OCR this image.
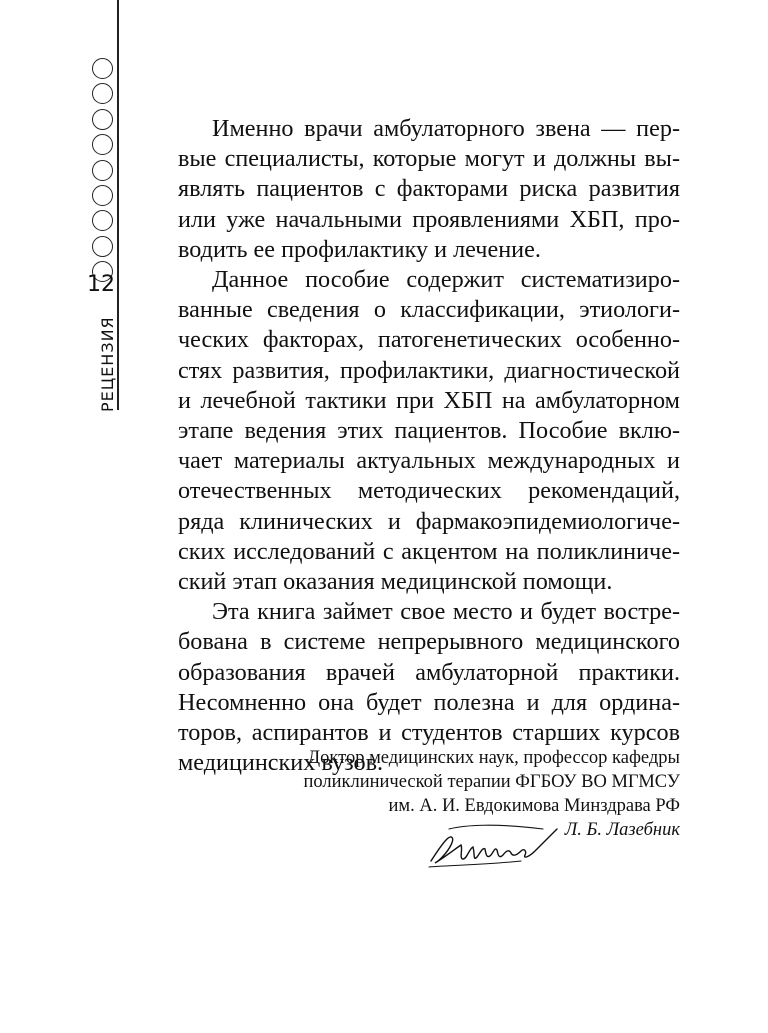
12
РЕЦЕНЗИЯ

Именно врачи амбулаторного звена — первые специалисты, которые могут и должны выявлять пациентов с факторами риска развития или уже начальными проявлениями ХБП, проводить ее профилактику и лечение.

Данное пособие содержит систематизированные сведения о классификации, этиологических факторах, патогенетических особенностях развития, профилактики, диагностической и лечебной тактики при ХБП на амбулаторном этапе ведения этих пациентов. Пособие включает материалы актуальных международных и отечественных методических рекомендаций, ряда клинических и фармакоэпидемиологических исследований с акцентом на поликлинический этап оказания медицинской помощи.

Эта книга займет свое место и будет востребована в системе непрерывного медицинского образования врачей амбулаторной практики. Несомненно она будет полезна и для ординаторов, аспирантов и студентов старших курсов медицинских вузов.

Доктор медицинских наук, профессор кафедры
поликлинической терапии ФГБОУ ВО МГМСУ
им. А. И. Евдокимова Минздрава РФ
Л. Б. Лазебник
